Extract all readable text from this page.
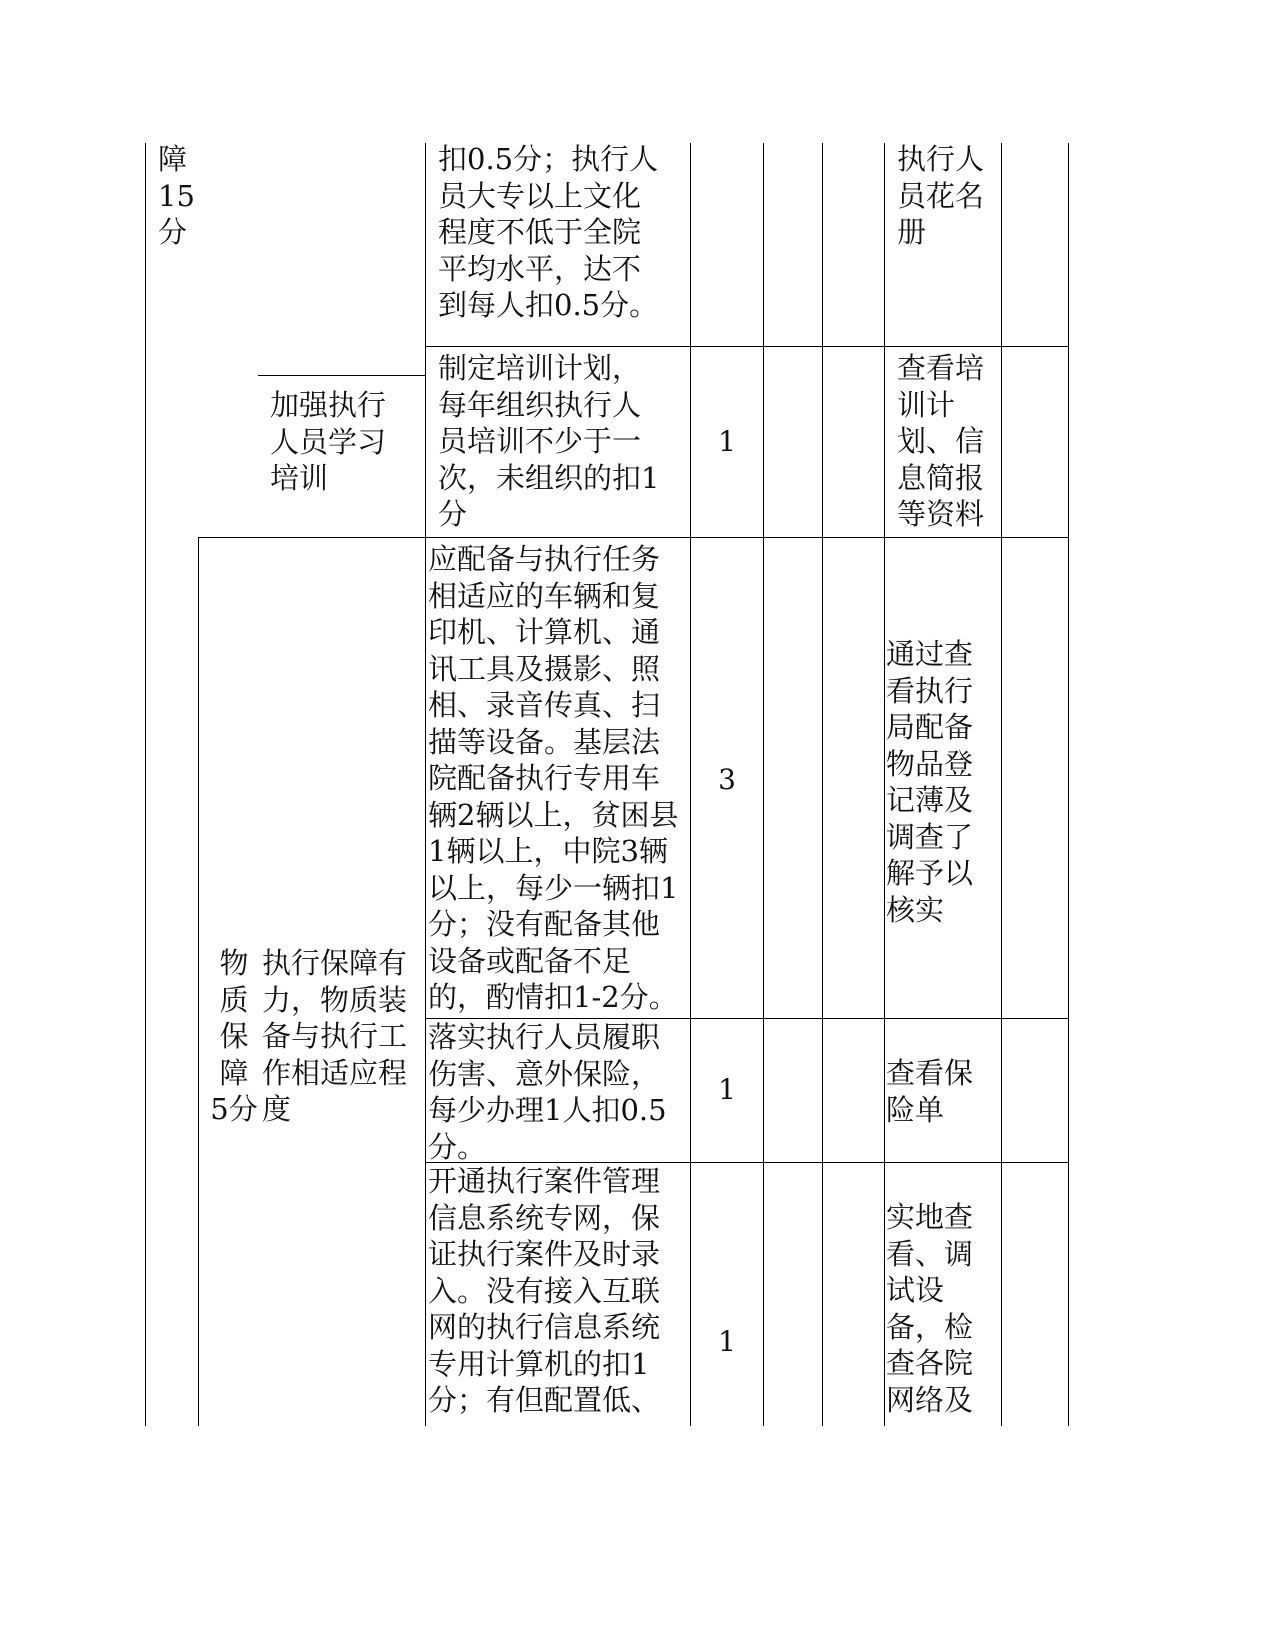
障
15
分
物
质
保
障
5分
加强执行
人员学习
培训
执行保障有
力，物质装
备与执行工
作相适应程
度
扣0.5分；执行人
员大专以上文化
程度不低于全院
平均水平，达不
到每人扣0.5分。
执行人
员花名
册
制定培训计划，
每年组织执行人
员培训不少于一
次，未组织的扣1
分
1
查看培
训计
划、信
息简报
等资料
应配备与执行任务
相适应的车辆和复
印机、计算机、通
讯工具及摄影、照
相、录音传真、扫
描等设备。基层法
院配备执行专用车
辆2辆以上，贫困县
1辆以上，中院3辆
以上，每少一辆扣1
分；没有配备其他
设备或配备不足
的，酌情扣1-2分。
3
通过查
看执行
局配备
物品登
记薄及
调查了
解予以
核实
落实执行人员履职
伤害、意外保险，
每少办理1人扣0.5
分。
1	查看保
险单
开通执行案件管理
信息系统专网，保
证执行案件及时录
入。没有接入互联
网的执行信息系统
专用计算机的扣1
分；有但配置低、
1
实地查
看、调
试设
备，检
查各院
网络及
